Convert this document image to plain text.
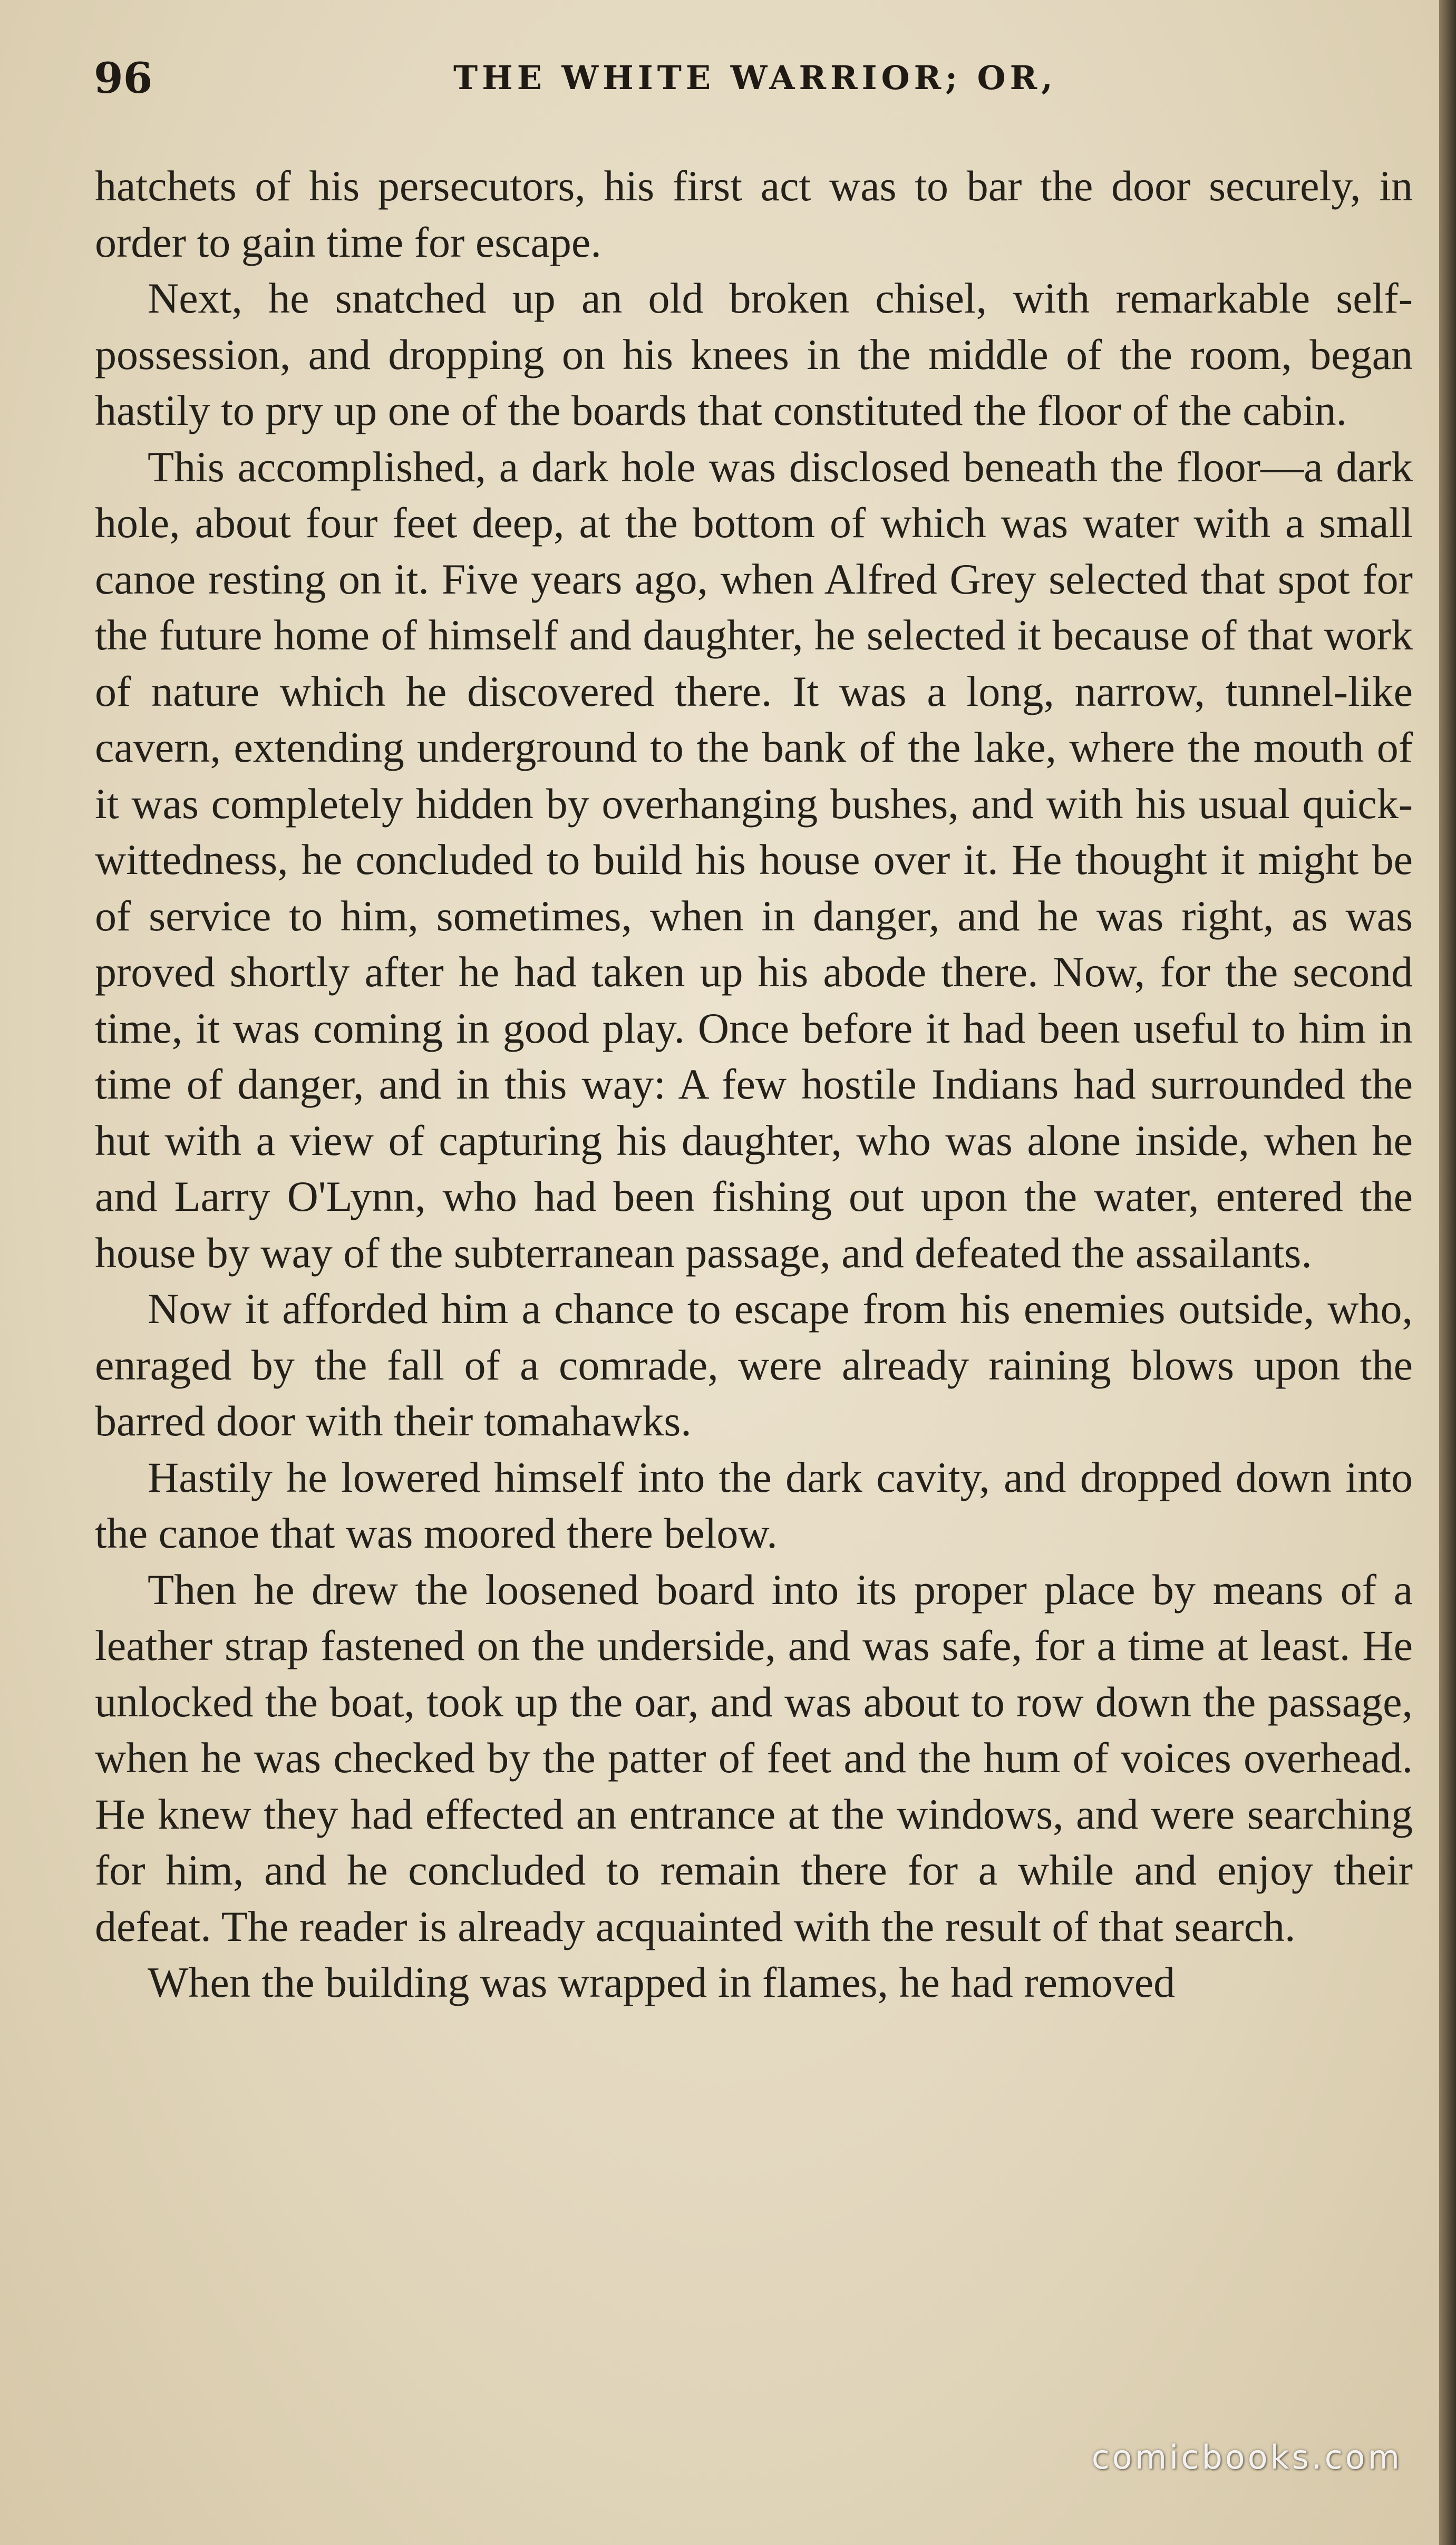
96	THE WHITE WARRIOR; OR,

hatchets of his persecutors, his first act was to bar the door securely, in order to gain time for escape.

Next, he snatched up an old broken chisel, with remarkable self-possession, and dropping on his knees in the middle of the room, began hastily to pry up one of the boards that constituted the floor of the cabin.

This accomplished, a dark hole was disclosed beneath the floor—a dark hole, about four feet deep, at the bottom of which was water with a small canoe resting on it. Five years ago, when Alfred Grey selected that spot for the future home of himself and daughter, he selected it because of that work of nature which he discovered there. It was a long, narrow, tunnel-like cavern, extending underground to the bank of the lake, where the mouth of it was completely hidden by overhanging bushes, and with his usual quick-wittedness, he concluded to build his house over it. He thought it might be of service to him, sometimes, when in danger, and he was right, as was proved shortly after he had taken up his abode there. Now, for the second time, it was coming in good play. Once before it had been useful to him in time of danger, and in this way: A few hostile Indians had surrounded the hut with a view of capturing his daughter, who was alone inside, when he and Larry O'Lynn, who had been fishing out upon the water, entered the house by way of the subterranean passage, and defeated the assailants.

Now it afforded him a chance to escape from his enemies outside, who, enraged by the fall of a comrade, were already raining blows upon the barred door with their tomahawks.

Hastily he lowered himself into the dark cavity, and dropped down into the canoe that was moored there below.

Then he drew the loosened board into its proper place by means of a leather strap fastened on the underside, and was safe, for a time at least. He unlocked the boat, took up the oar, and was about to row down the passage, when he was checked by the patter of feet and the hum of voices overhead. He knew they had effected an entrance at the windows, and were searching for him, and he concluded to remain there for a while and enjoy their defeat. The reader is already acquainted with the result of that search.

When the building was wrapped in flames, he had removed

comicbooks.com
